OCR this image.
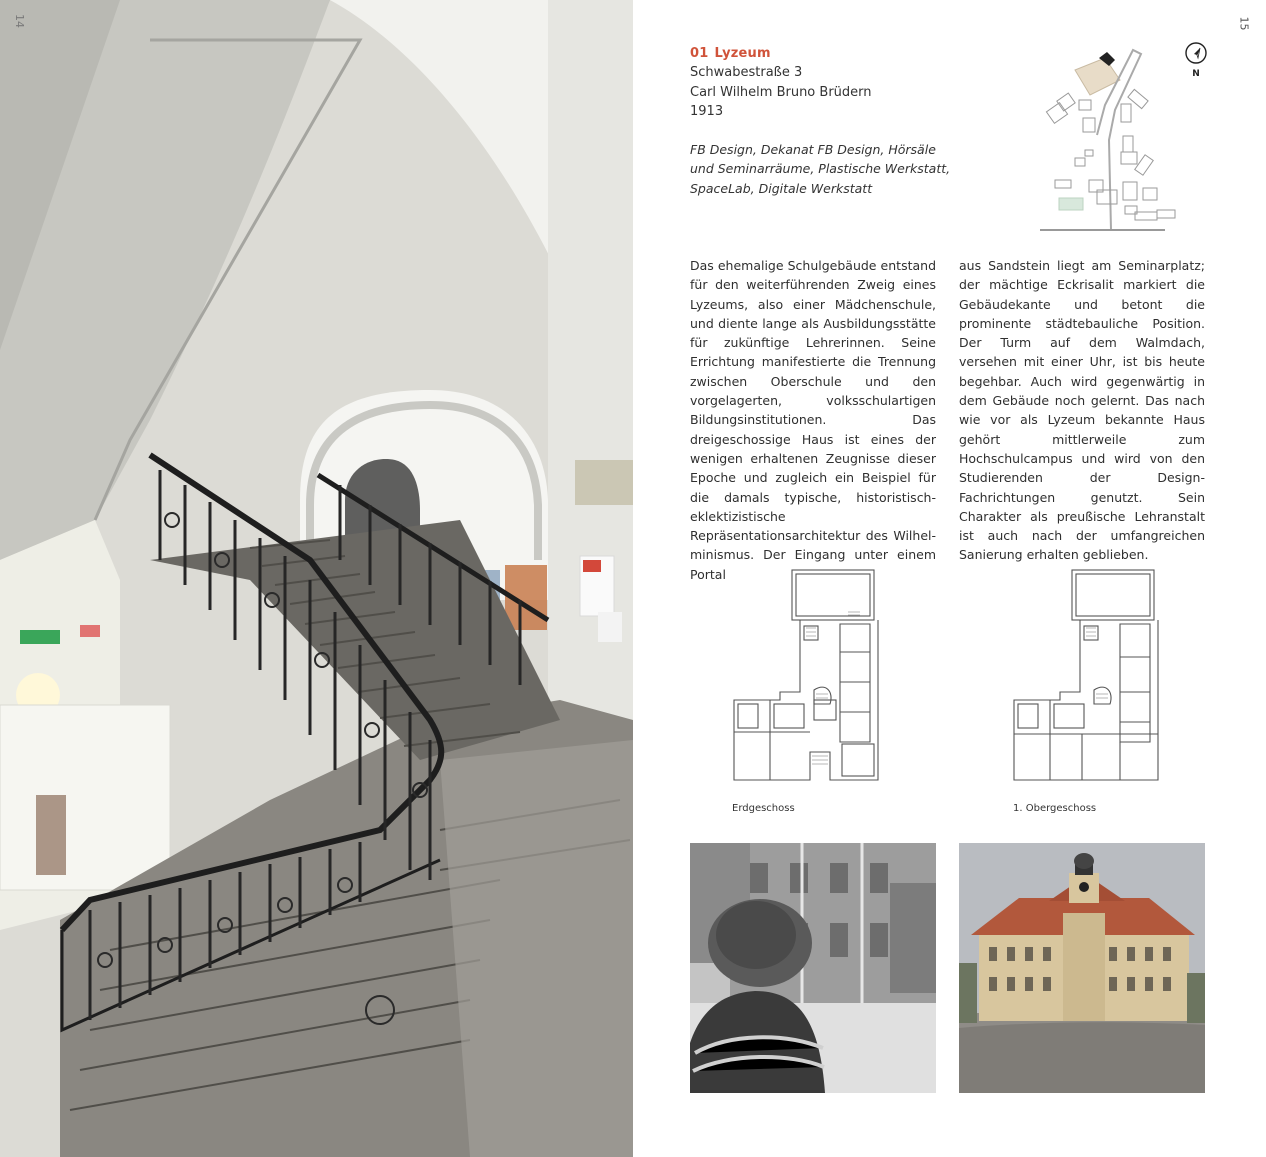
14	15
01 Lyzeum
Schwabestraße 3
Carl Wilhelm Bruno Brüdern
1913
FB Design, Dekanat FB Design, Hörsäle
und Seminarräume, Plastische Werkstatt,
SpaceLab, Digitale Werkstatt
N

Das ehemalige Schulgebäude entstand für den weiterführenden Zweig eines Lyzeums, also einer Mädchenschule, und diente lange als Ausbildungsstätte für zukünftige Lehrerinnen. Seine Errichtung manifestierte die Trennung zwischen Oberschule und den vorgelagerten, volksschulartigen Bildungsinstitutionen. Das dreigeschossige Haus ist eines der wenigen erhaltenen Zeugnisse dieser Epoche und zugleich ein Beispiel für die damals typische, historistisch-eklektizistische Repräsentationsarchitektur des Wilhelminismus. Der Eingang unter einem Portal

aus Sandstein liegt am Seminarplatz; der mächtige Eckrisalit markiert die Gebäudekante und betont die prominente städtebauliche Position. Der Turm auf dem Walmdach, versehen mit einer Uhr, ist bis heute begehbar. Auch wird gegenwärtig in dem Gebäude noch gelernt. Das nach wie vor als Lyzeum bekannte Haus gehört mittlerweile zum Hochschulcampus und wird von den Studierenden der Design-Fachrichtungen genutzt. Sein Charakter als preußische Lehranstalt ist auch nach der umfangreichen Sanierung erhalten geblieben.

Erdgeschoss	1. Obergeschoss
